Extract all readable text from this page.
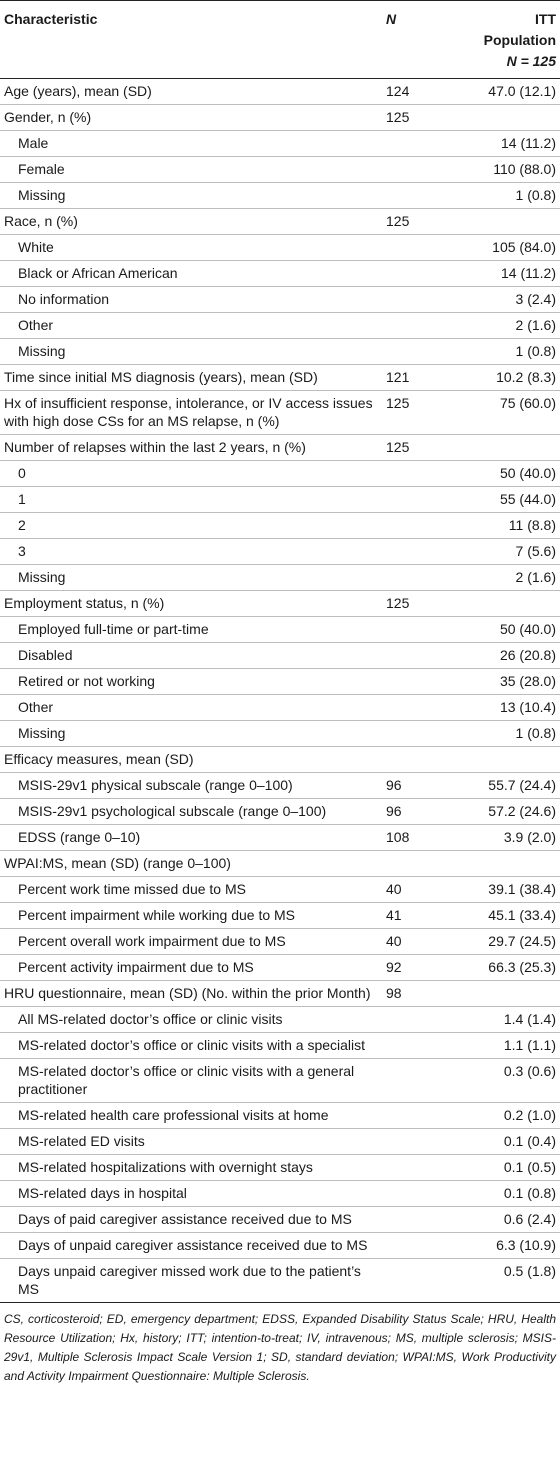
Characteristic	N	ITT
Population
N = 125

Age (years), mean (SD)	124	47.0 (12.1)
Gender, n (%)	125	
Male		14 (11.2)
Female		110 (88.0)
Missing		1 (0.8)
Race, n (%)	125	
White		105 (84.0)
Black or African American		14 (11.2)
No information		3 (2.4)
Other		2 (1.6)
Missing		1 (0.8)
Time since initial MS diagnosis (years), mean (SD)	121	10.2 (8.3)
Hx of insufficient response, intolerance, or IV access issues with high dose CSs for an MS relapse, n (%)	125	75 (60.0)
Number of relapses within the last 2 years, n (%)	125	
0		50 (40.0)
1		55 (44.0)
2		11 (8.8)
3		7 (5.6)
Missing		2 (1.6)
Employment status, n (%)	125	
Employed full-time or part-time		50 (40.0)
Disabled		26 (20.8)
Retired or not working		35 (28.0)
Other		13 (10.4)
Missing		1 (0.8)
Efficacy measures, mean (SD)		
MSIS-29v1 physical subscale (range 0–100)	96	55.7 (24.4)
MSIS-29v1 psychological subscale (range 0–100)	96	57.2 (24.6)
EDSS (range 0–10)	108	3.9 (2.0)
WPAI:MS, mean (SD) (range 0–100)		
Percent work time missed due to MS	40	39.1 (38.4)
Percent impairment while working due to MS	41	45.1 (33.4)
Percent overall work impairment due to MS	40	29.7 (24.5)
Percent activity impairment due to MS	92	66.3 (25.3)
HRU questionnaire, mean (SD) (No. within the prior Month)	98	
All MS-related doctor’s office or clinic visits		1.4 (1.4)
MS-related doctor’s office or clinic visits with a specialist		1.1 (1.1)
MS-related doctor’s office or clinic visits with a general practitioner		0.3 (0.6)
MS-related health care professional visits at home		0.2 (1.0)
MS-related ED visits		0.1 (0.4)
MS-related hospitalizations with overnight stays		0.1 (0.5)
MS-related days in hospital		0.1 (0.8)
Days of paid caregiver assistance received due to MS		0.6 (2.4)
Days of unpaid caregiver assistance received due to MS		6.3 (10.9)
Days unpaid caregiver missed work due to the patient’s MS		0.5 (1.8)
CS, corticosteroid; ED, emergency department; EDSS, Expanded Disability Status Scale; HRU, Health Resource Utilization; Hx, history; ITT; intention-to-treat; IV, intravenous; MS, multiple sclerosis; MSIS-29v1, Multiple Sclerosis Impact Scale Version 1; SD, standard deviation; WPAI:MS, Work Productivity and Activity Impairment Questionnaire: Multiple Sclerosis.
